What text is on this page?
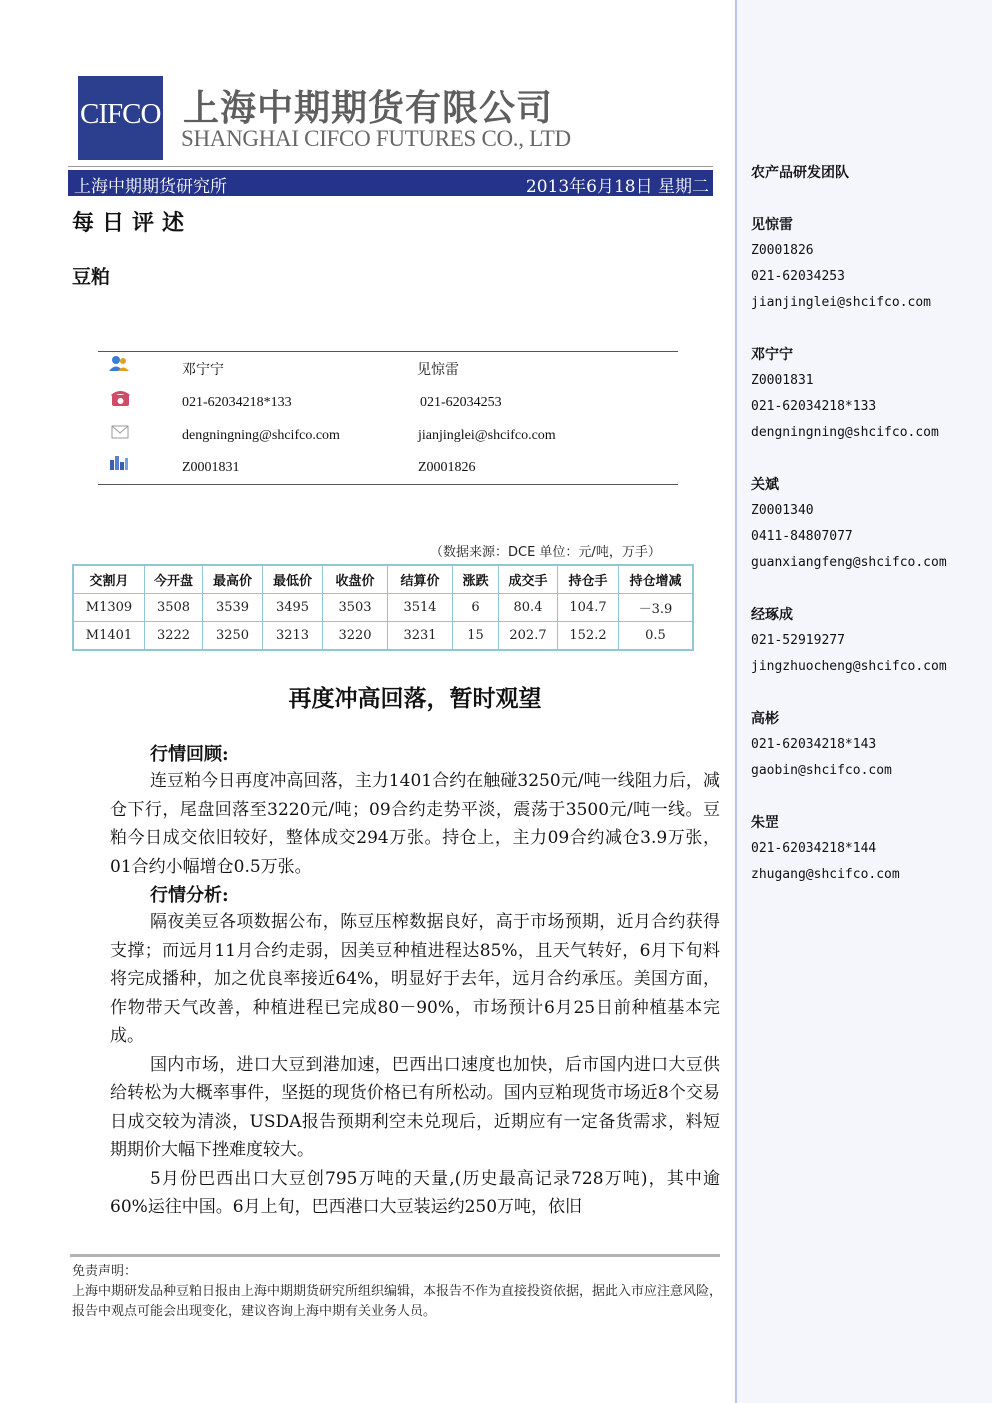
CIFCO 上海中期期货有限公司
SHANGHAI CIFCO FUTURES CO., LTD
上海中期期货研究所	2013年6月18日 星期二
每日评述
豆粕
邓宁宁	见惊雷
021-62034218*133	021-62034253
dengningning@shcifco.com	jianjinglei@shcifco.com
Z0001831	Z0001826
（数据来源：DCE 单位：元/吨，万手）
交割月	今开盘	最高价	最低价	收盘价	结算价	涨跌	成交手	持仓手	持仓增减
M1309	3508	3539	3495	3503	3514	6	80.4	104.7	－3.9
M1401	3222	3250	3213	3220	3231	15	202.7	152.2	0.5
再度冲高回落，暂时观望
行情回顾:

连豆粕今日再度冲高回落，主力1401合约在触碰3250元/吨一线阻力后，减仓下行，尾盘回落至3220元/吨；09合约走势平淡，震荡于3500元/吨一线。豆粕今日成交依旧较好，整体成交294万张。持仓上，主力09合约减仓3.9万张，01合约小幅增仓0.5万张。

行情分析:

隔夜美豆各项数据公布，陈豆压榨数据良好，高于市场预期，近月合约获得支撑；而远月11月合约走弱，因美豆种植进程达85%，且天气转好，6月下旬料将完成播种，加之优良率接近64%，明显好于去年，远月合约承压。美国方面，作物带天气改善，种植进程已完成80－90%，市场预计6月25日前种植基本完成。

国内市场，进口大豆到港加速，巴西出口速度也加快，后市国内进口大豆供给转松为大概率事件，坚挺的现货价格已有所松动。国内豆粕现货市场近8个交易日成交较为清淡，USDA报告预期利空未兑现后，近期应有一定备货需求，料短期期价大幅下挫难度较大。

5月份巴西出口大豆创795万吨的天量,(历史最高记录728万吨)，其中逾60%运往中国。6月上旬，巴西港口大豆装运约250万吨，依旧

免责声明：
上海中期研发品种豆粕日报由上海中期期货研究所组织编辑，本报告不作为直接投资依据，据此入市应注意风险，报告中观点可能会出现变化，建议咨询上海中期有关业务人员。
农产品研发团队
见惊雷
Z0001826
021-62034253
jianjinglei@shcifco.com
邓宁宁
Z0001831
021-62034218*133
dengningning@shcifco.com
关斌
Z0001340
0411-84807077
guanxiangfeng@shcifco.com
经琢成
021-52919277
jingzhuocheng@shcifco.com
高彬
021-62034218*143
gaobin@shcifco.com
朱罡
021-62034218*144
zhugang@shcifco.com
